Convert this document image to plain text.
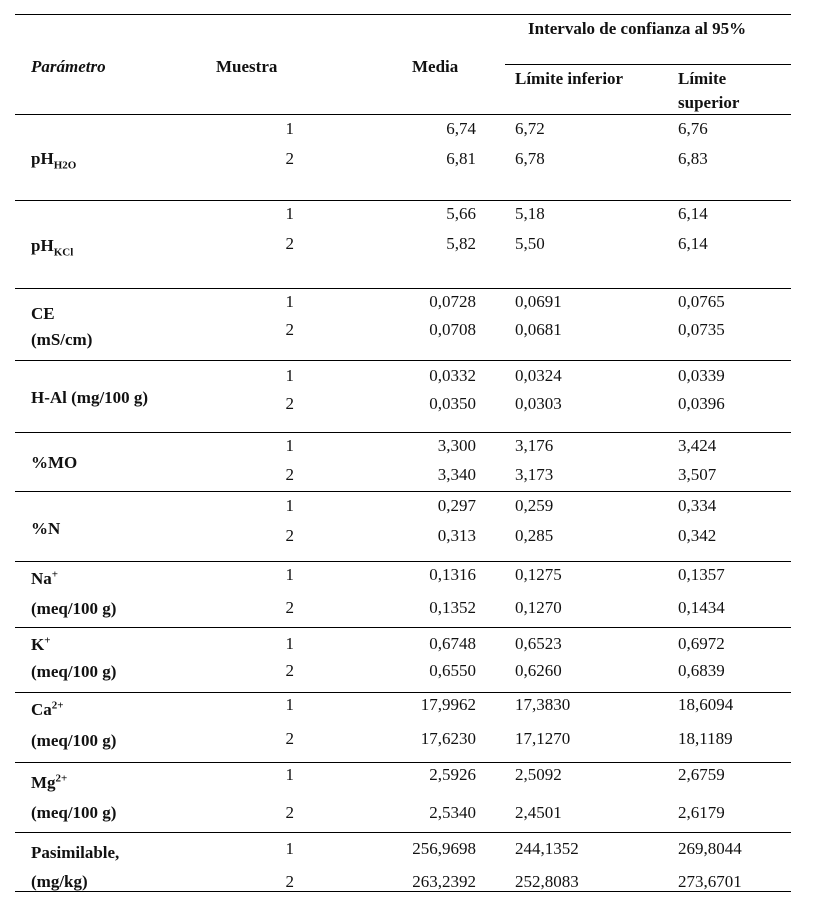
Parámetro	Muestra	Media
Intervalo de confianza al 95%
Límite inferior	Límite
superior
$pH_{H2O}$
1	6,74 6,72	6,76
2	6,81 6,78	6,83
$pH_{KCl}$
1	5,66 5,18	6,14
2	5,82 5,50	6,14
CE
(mS/cm)
1	0,0728 0,0691	0,0765
2	0,0708 0,0681	0,0735
H-Al (mg/100 g)
1	0,0332 0,0324	0,0339
2	0,0350 0,0303	0,0396
%MO
1	3,300 3,176	3,424
2	3,340 3,173	3,507
%N
1	0,297 0,259	0,334
2	0,313 0,285	0,342
Na+
(meq/100 g)
1	0,1316 0,1275	0,1357
2	0,1352 0,1270	0,1434
K+
(meq/100 g)
1	0,6748 0,6523	0,6972
2	0,6550 0,6260	0,6839
$Ca^{2+}$
(meq/100 g)
1	17,9962 17,3830	18,6094
2	17,6230 17,1270	18,1189
$Mg^{2+}$
(meq/100 g)
1	2,5926 2,5092	2,6759
2	2,5340 2,4501	2,6179
Pasimilable,
(mg/kg)
1	256,9698 244,1352	269,8044
2	263,2392 252,8083	273,6701
